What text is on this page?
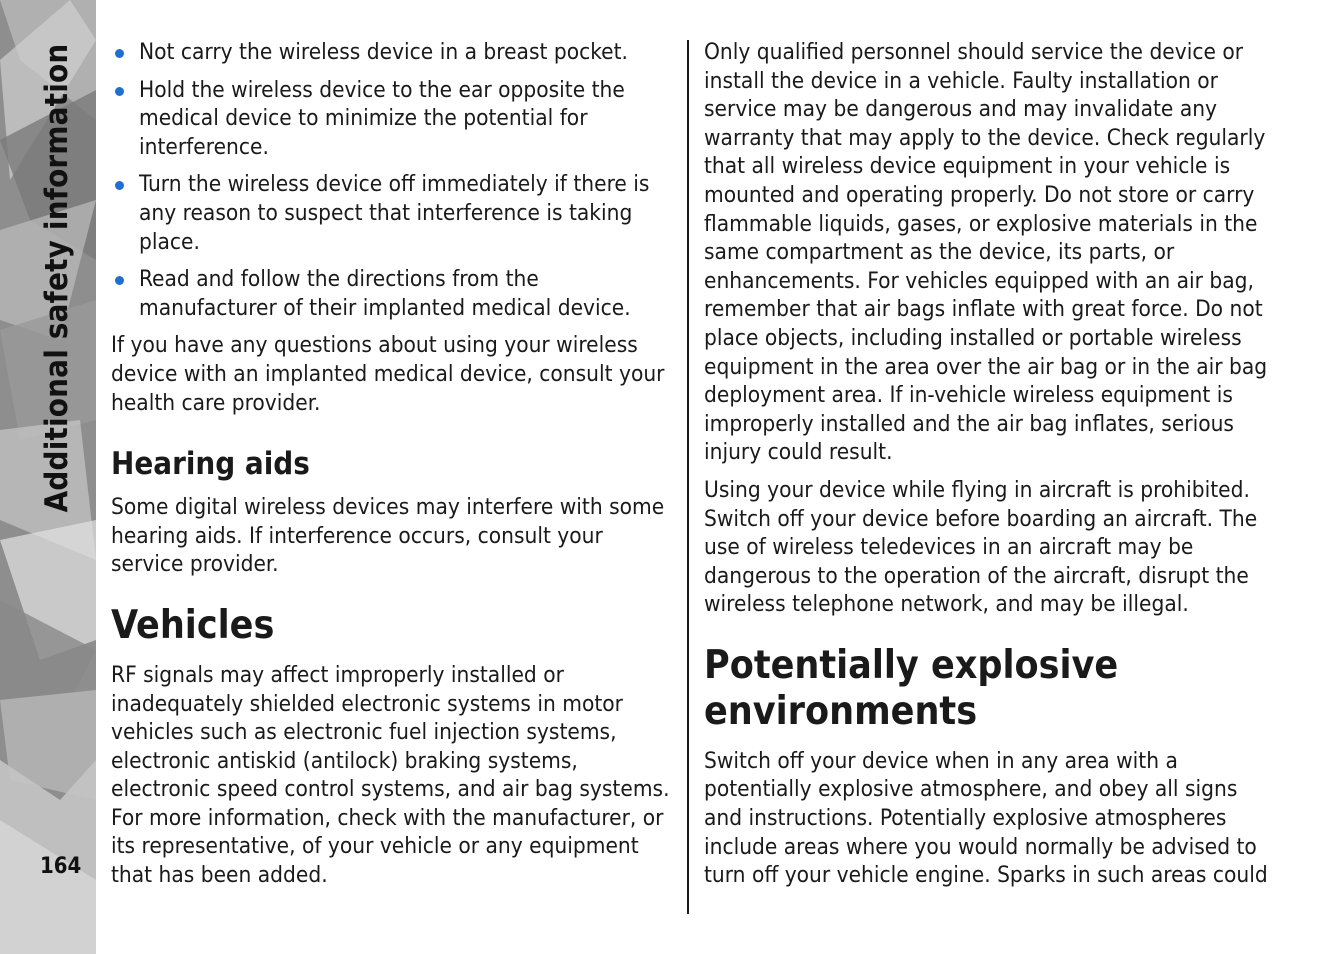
Additional safety information
164
Not carry the wireless device in a breast pocket.
Hold the wireless device to the ear opposite the
medical device to minimize the potential for
interference.
Turn the wireless device off immediately if there is
any reason to suspect that interference is taking
place.
Read and follow the directions from the
manufacturer of their implanted medical device.

If you have any questions about using your wireless
device with an implanted medical device, consult your
health care provider.

Hearing aids

Some digital wireless devices may interfere with some
hearing aids. If interference occurs, consult your
service provider.

Vehicles

RF signals may affect improperly installed or
inadequately shielded electronic systems in motor
vehicles such as electronic fuel injection systems,
electronic antiskid (antilock) braking systems,
electronic speed control systems, and air bag systems.
For more information, check with the manufacturer, or
its representative, of your vehicle or any equipment
that has been added.

Only qualified personnel should service the device or
install the device in a vehicle. Faulty installation or
service may be dangerous and may invalidate any
warranty that may apply to the device. Check regularly
that all wireless device equipment in your vehicle is
mounted and operating properly. Do not store or carry
flammable liquids, gases, or explosive materials in the
same compartment as the device, its parts, or
enhancements. For vehicles equipped with an air bag,
remember that air bags inflate with great force. Do not
place objects, including installed or portable wireless
equipment in the area over the air bag or in the air bag
deployment area. If in-vehicle wireless equipment is
improperly installed and the air bag inflates, serious
injury could result.

Using your device while flying in aircraft is prohibited.
Switch off your device before boarding an aircraft. The
use of wireless teledevices in an aircraft may be
dangerous to the operation of the aircraft, disrupt the
wireless telephone network, and may be illegal.

Potentially explosive
environments

Switch off your device when in any area with a
potentially explosive atmosphere, and obey all signs
and instructions. Potentially explosive atmospheres
include areas where you would normally be advised to
turn off your vehicle engine. Sparks in such areas could
